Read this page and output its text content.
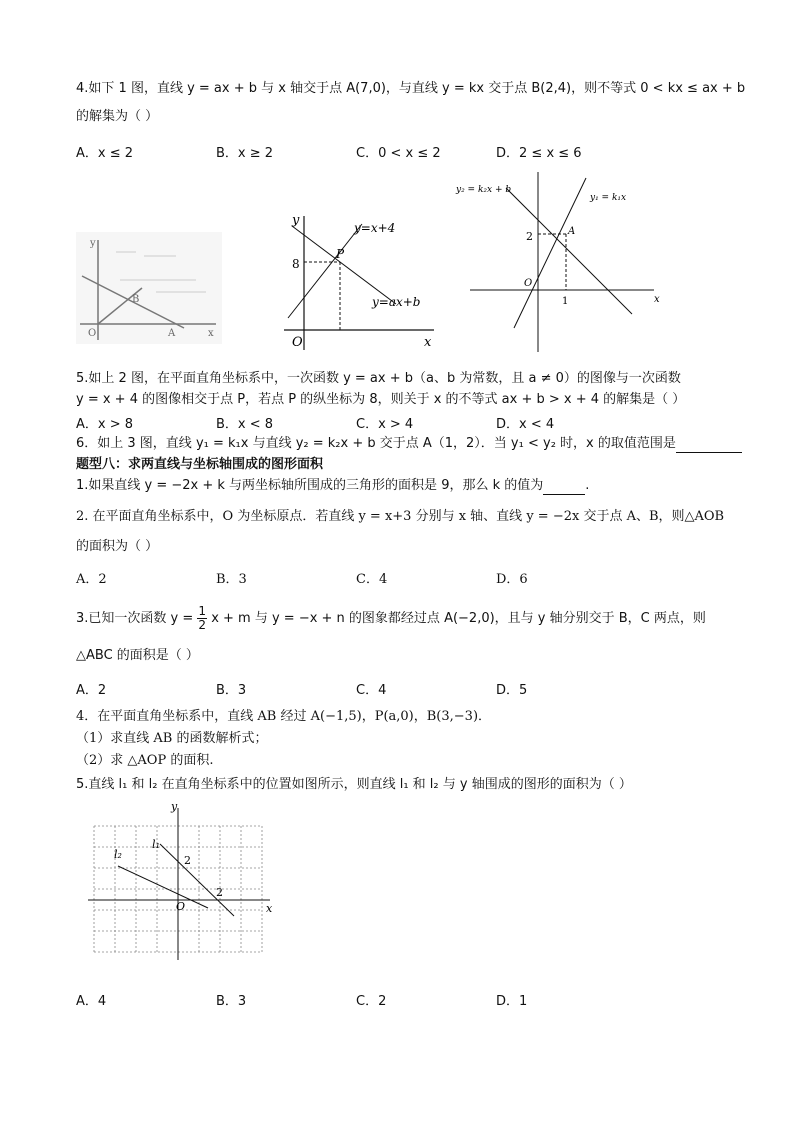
4.如下 1 图，直线 y = ax + b 与 x 轴交于点 A(7,0)，与直线 y = kx 交于点 B(2,4)，则不等式 0 < kx ≤ ax + b
的解集为（ ）
A．x ≤ 2	B．x ≥ 2	C．0 < x ≤ 2	D．2 ≤ x ≤ 6
y
B
O	A	x
y	y=x+4
P
8
y=ax+b
O	x
y₂ = k₂x + b
y₁ = k₁x
2	A
O
1	x
5.如上 2 图，在平面直角坐标系中，一次函数 y = ax + b（a、b 为常数，且 a ≠ 0）的图像与一次函数
y = x + 4 的图像相交于点 P，若点 P 的纵坐标为 8，则关于 x 的不等式 ax + b > x + 4 的解集是（ ）
A．x > 8	B．x < 8	C．x > 4	D．x < 4
6．如上 3 图，直线 y₁ = k₁x 与直线 y₂ = k₂x + b 交于点 A（1，2）．当 y₁ < y₂ 时，x 的取值范围是
题型八：求两直线与坐标轴围成的图形面积
1.如果直线 y = −2x + k 与两坐标轴所围成的三角形的面积是 9，那么 k 的值为	.
2. 在平面直角坐标系中，O 为坐标原点．若直线 y = x+3 分别与 x 轴、直线 y = −2x 交于点 A、B，则△AOB
的面积为（ ）
A．2	B．3	C．4	D．6
3.已知一次函数 $y = \frac{1}{2}$ x + m 与 y = −x + n 的图象都经过点 A(−2,0)，且与 y 轴分别交于 B，C 两点，则
△ABC 的面积是（ ）
A．2	B．3	C．4	D．5
4．在平面直角坐标系中，直线 AB 经过 A(−1,5)，P(a,0)，B(3,−3)．
（1）求直线 AB 的函数解析式；
（2）求 △AOP 的面积.
5.直线 l₁ 和 l₂ 在直角坐标系中的位置如图所示，则直线 l₁ 和 l₂ 与 y 轴围成的图形的面积为（ ）
y
l₁
l₂	2
2
O	x
A．4	B．3	C．2	D．1
